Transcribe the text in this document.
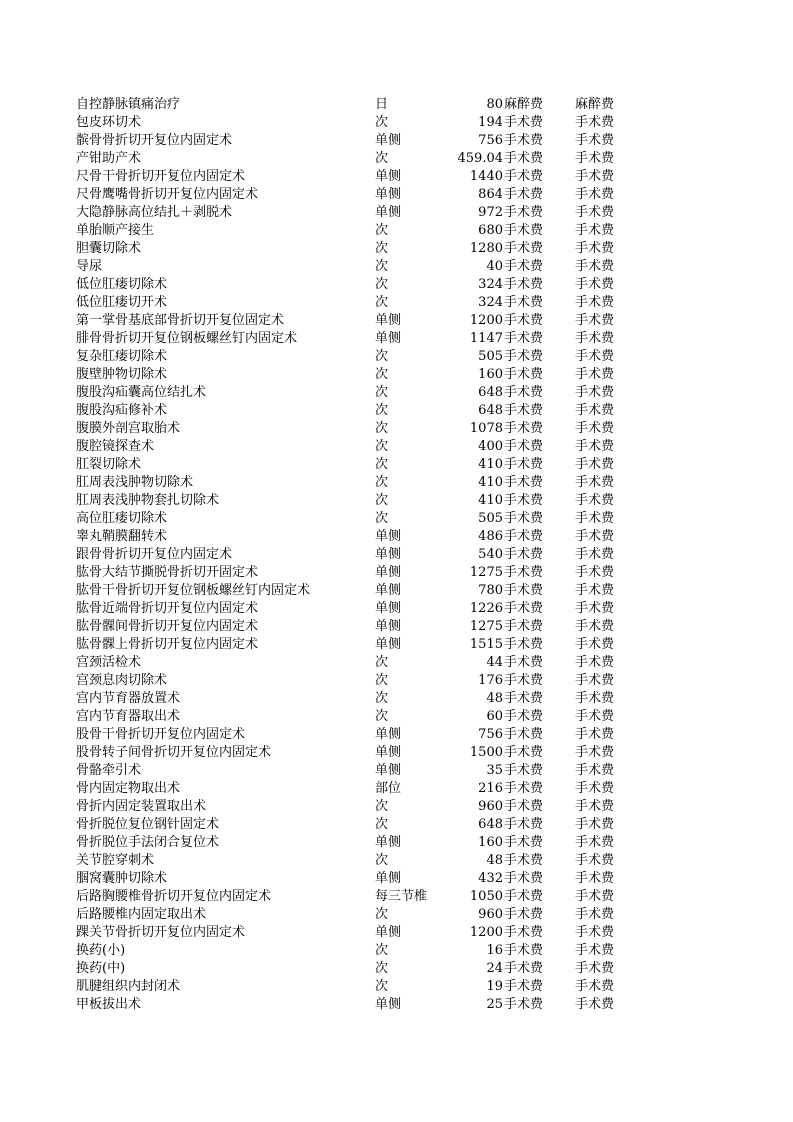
自控静脉镇痛治疗	日	80 麻醉费	麻醉费
包皮环切术	次	194 手术费	手术费
髌骨骨折切开复位内固定术	单侧	756 手术费	手术费
产钳助产术	次	459.04 手术费	手术费
尺骨干骨折切开复位内固定术	单侧	1440 手术费	手术费
尺骨鹰嘴骨折切开复位内固定术	单侧	864 手术费	手术费
大隐静脉高位结扎＋剥脱术	单侧	972 手术费	手术费
单胎顺产接生	次	680 手术费	手术费
胆囊切除术	次	1280 手术费	手术费
导尿	次	40 手术费	手术费
低位肛瘘切除术	次	324 手术费	手术费
低位肛瘘切开术	次	324 手术费	手术费
第一掌骨基底部骨折切开复位固定术	单侧	1200 手术费	手术费
腓骨骨折切开复位钢板螺丝钉内固定术	单侧	1147 手术费	手术费
复杂肛瘘切除术	次	505 手术费	手术费
腹壁肿物切除术	次	160 手术费	手术费
腹股沟疝囊高位结扎术	次	648 手术费	手术费
腹股沟疝修补术	次	648 手术费	手术费
腹膜外剖宫取胎术	次	1078 手术费	手术费
腹腔镜探查术	次	400 手术费	手术费
肛裂切除术	次	410 手术费	手术费
肛周表浅肿物切除术	次	410 手术费	手术费
肛周表浅肿物套扎切除术	次	410 手术费	手术费
高位肛瘘切除术	次	505 手术费	手术费
睾丸鞘膜翻转术	单侧	486 手术费	手术费
跟骨骨折切开复位内固定术	单侧	540 手术费	手术费
肱骨大结节撕脱骨折切开固定术	单侧	1275 手术费	手术费
肱骨干骨折切开复位钢板螺丝钉内固定术	单侧	780 手术费	手术费
肱骨近端骨折切开复位内固定术	单侧	1226 手术费	手术费
肱骨髁间骨折切开复位内固定术	单侧	1275 手术费	手术费
肱骨髁上骨折切开复位内固定术	单侧	1515 手术费	手术费
宫颈活检术	次	44 手术费	手术费
宫颈息肉切除术	次	176 手术费	手术费
宫内节育器放置术	次	48 手术费	手术费
宫内节育器取出术	次	60 手术费	手术费
股骨干骨折切开复位内固定术	单侧	756 手术费	手术费
股骨转子间骨折切开复位内固定术	单侧	1500 手术费	手术费
骨骼牵引术	单侧	35 手术费	手术费
骨内固定物取出术	部位	216 手术费	手术费
骨折内固定装置取出术	次	960 手术费	手术费
骨折脱位复位钢针固定术	次	648 手术费	手术费
骨折脱位手法闭合复位术	单侧	160 手术费	手术费
关节腔穿刺术	次	48 手术费	手术费
腘窝囊肿切除术	单侧	432 手术费	手术费
后路胸腰椎骨折切开复位内固定术	每三节椎	1050 手术费	手术费
后路腰椎内固定取出术	次	960 手术费	手术费
踝关节骨折切开复位内固定术	单侧	1200 手术费	手术费
换药(小)	次	16 手术费	手术费
换药(中)	次	24 手术费	手术费
肌腱组织内封闭术	次	19 手术费	手术费
甲板拔出术	单侧	25 手术费	手术费
